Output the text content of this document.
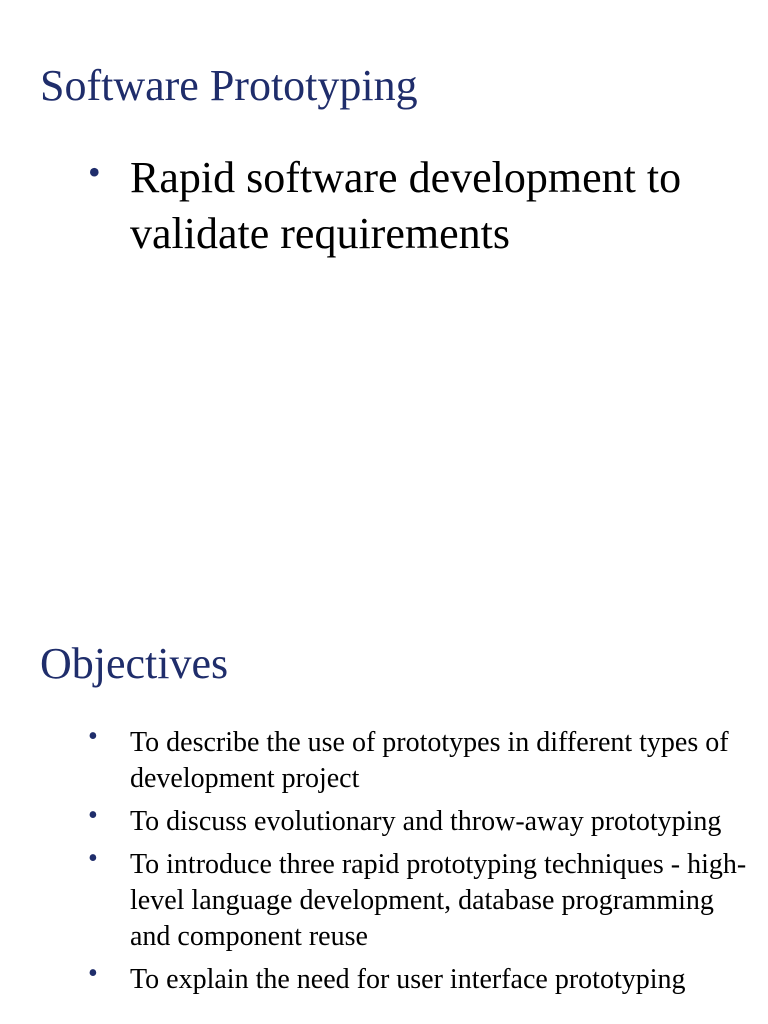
Software Prototyping
• Rapid software development to validate requirements
Objectives
• To describe the use of prototypes in different types of development project
• To discuss evolutionary and throw-away prototyping
• To introduce three rapid prototyping techniques - high-level language development, database programming and component reuse
• To explain the need for user interface prototyping
